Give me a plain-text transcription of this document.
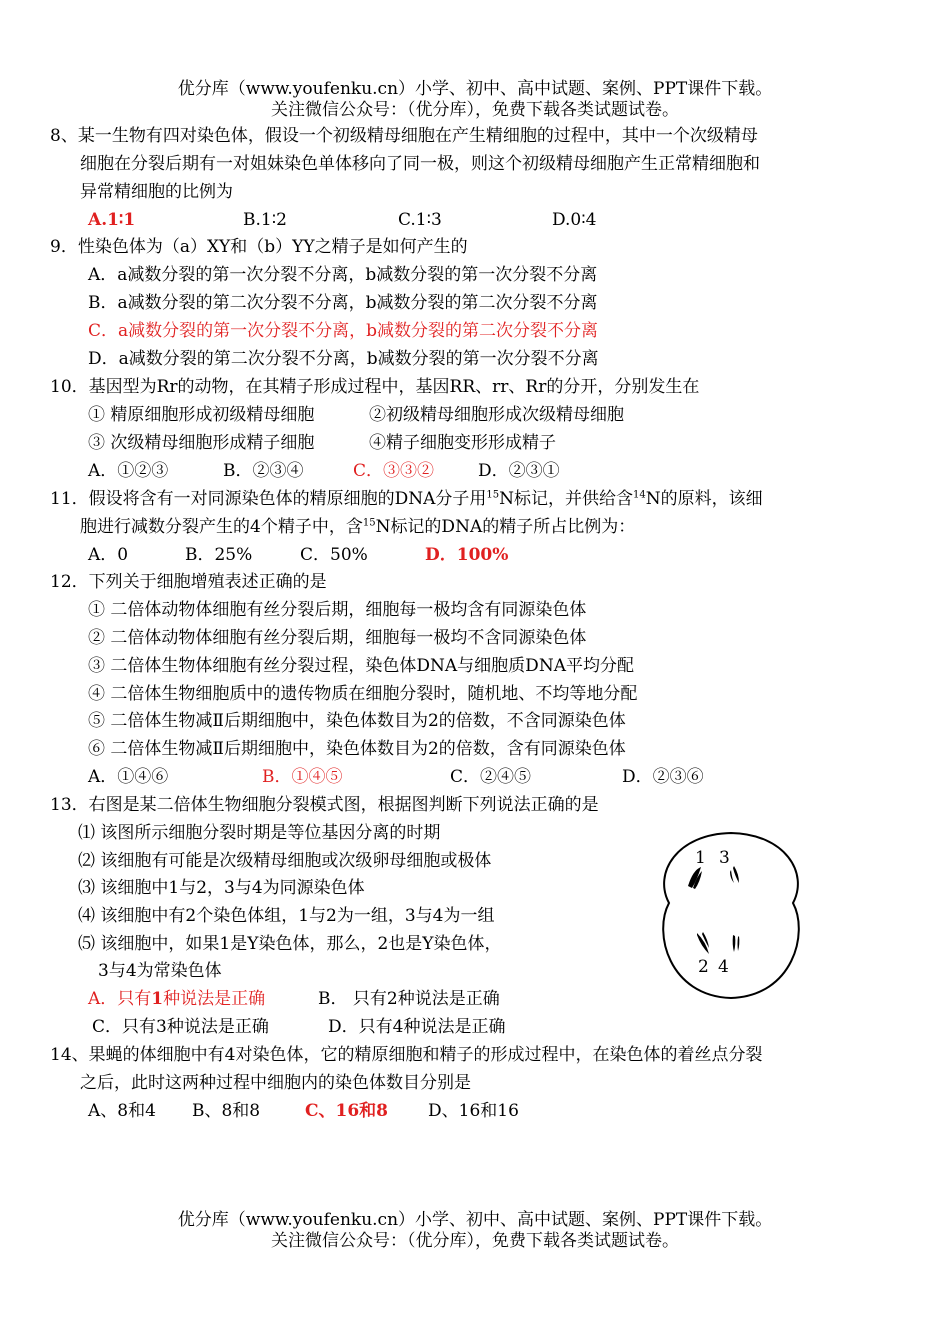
优分库（www.youfenku.cn）小学、初中、高中试题、案例、PPT课件下载。
关注微信公众号：（优分库），免费下载各类试题试卷。
8、某一生物有四对染色体，假设一个初级精母细胞在产生精细胞的过程中，其中一个次级精母
细胞在分裂后期有一对姐妹染色单体移向了同一极，则这个初级精母细胞产生正常精细胞和
异常精细胞的比例为
A.1∶1	B.1∶2	C.1∶3	D.0∶4
9．性染色体为（a）XY和（b）YY之精子是如何产生的
A．a减数分裂的第一次分裂不分离，b减数分裂的第一次分裂不分离
B．a减数分裂的第二次分裂不分离，b减数分裂的第二次分裂不分离
C．a减数分裂的第一次分裂不分离，b减数分裂的第二次分裂不分离
D．a减数分裂的第二次分裂不分离，b减数分裂的第一次分裂不分离
10．基因型为Rr的动物，在其精子形成过程中，基因RR、rr、Rr的分开，分别发生在
① 精原细胞形成初级精母细胞	②初级精母细胞形成次级精母细胞
③ 次级精母细胞形成精子细胞	④精子细胞变形形成精子
A．①②③	B．②③④	C．③③②	D．②③①
11．假设将含有一对同源染色体的精原细胞的DNA分子用$^{15}$N标记，并供给含$^{14}$N的原料，该细
胞进行减数分裂产生的4个精子中，含$^{15}$N标记的DNA的精子所占比例为：
A．0	B．25%	C．50%	D．100%
12．下列关于细胞增殖表述正确的是
① 二倍体动物体细胞有丝分裂后期，细胞每一极均含有同源染色体
② 二倍体动物体细胞有丝分裂后期，细胞每一极均不含同源染色体
③ 二倍体生物体细胞有丝分裂过程，染色体DNA与细胞质DNA平均分配
④ 二倍体生物细胞质中的遗传物质在细胞分裂时，随机地、不均等地分配
⑤ 二倍体生物减Ⅱ后期细胞中，染色体数目为2的倍数，不含同源染色体
⑥ 二倍体生物减Ⅱ后期细胞中，染色体数目为2的倍数，含有同源染色体
A．①④⑥	B．①④⑤	C．②④⑤	D．②③⑥
13．右图是某二倍体生物细胞分裂模式图，根据图判断下列说法正确的是
⑴ 该图所示细胞分裂时期是等位基因分离的时期
⑵ 该细胞有可能是次级精母细胞或次级卵母细胞或极体
⑶ 该细胞中1与2，3与4为同源染色体
⑷ 该细胞中有2个染色体组，1与2为一组，3与4为一组
⑸ 该细胞中，如果1是Y染色体，那么，2也是Y染色体，
3与4为常染色体
A．只有1种说法是正确	B． 只有2种说法是正确
C．只有3种说法是正确	D．只有4种说法是正确
1 3
2 4
14、果蝇的体细胞中有4对染色体，它的精原细胞和精子的形成过程中，在染色体的着丝点分裂
之后，此时这两种过程中细胞内的染色体数目分别是
A、8和4 B、8和8	C、16和8 D、16和16
优分库（www.youfenku.cn）小学、初中、高中试题、案例、PPT课件下载。
关注微信公众号：（优分库），免费下载各类试题试卷。
